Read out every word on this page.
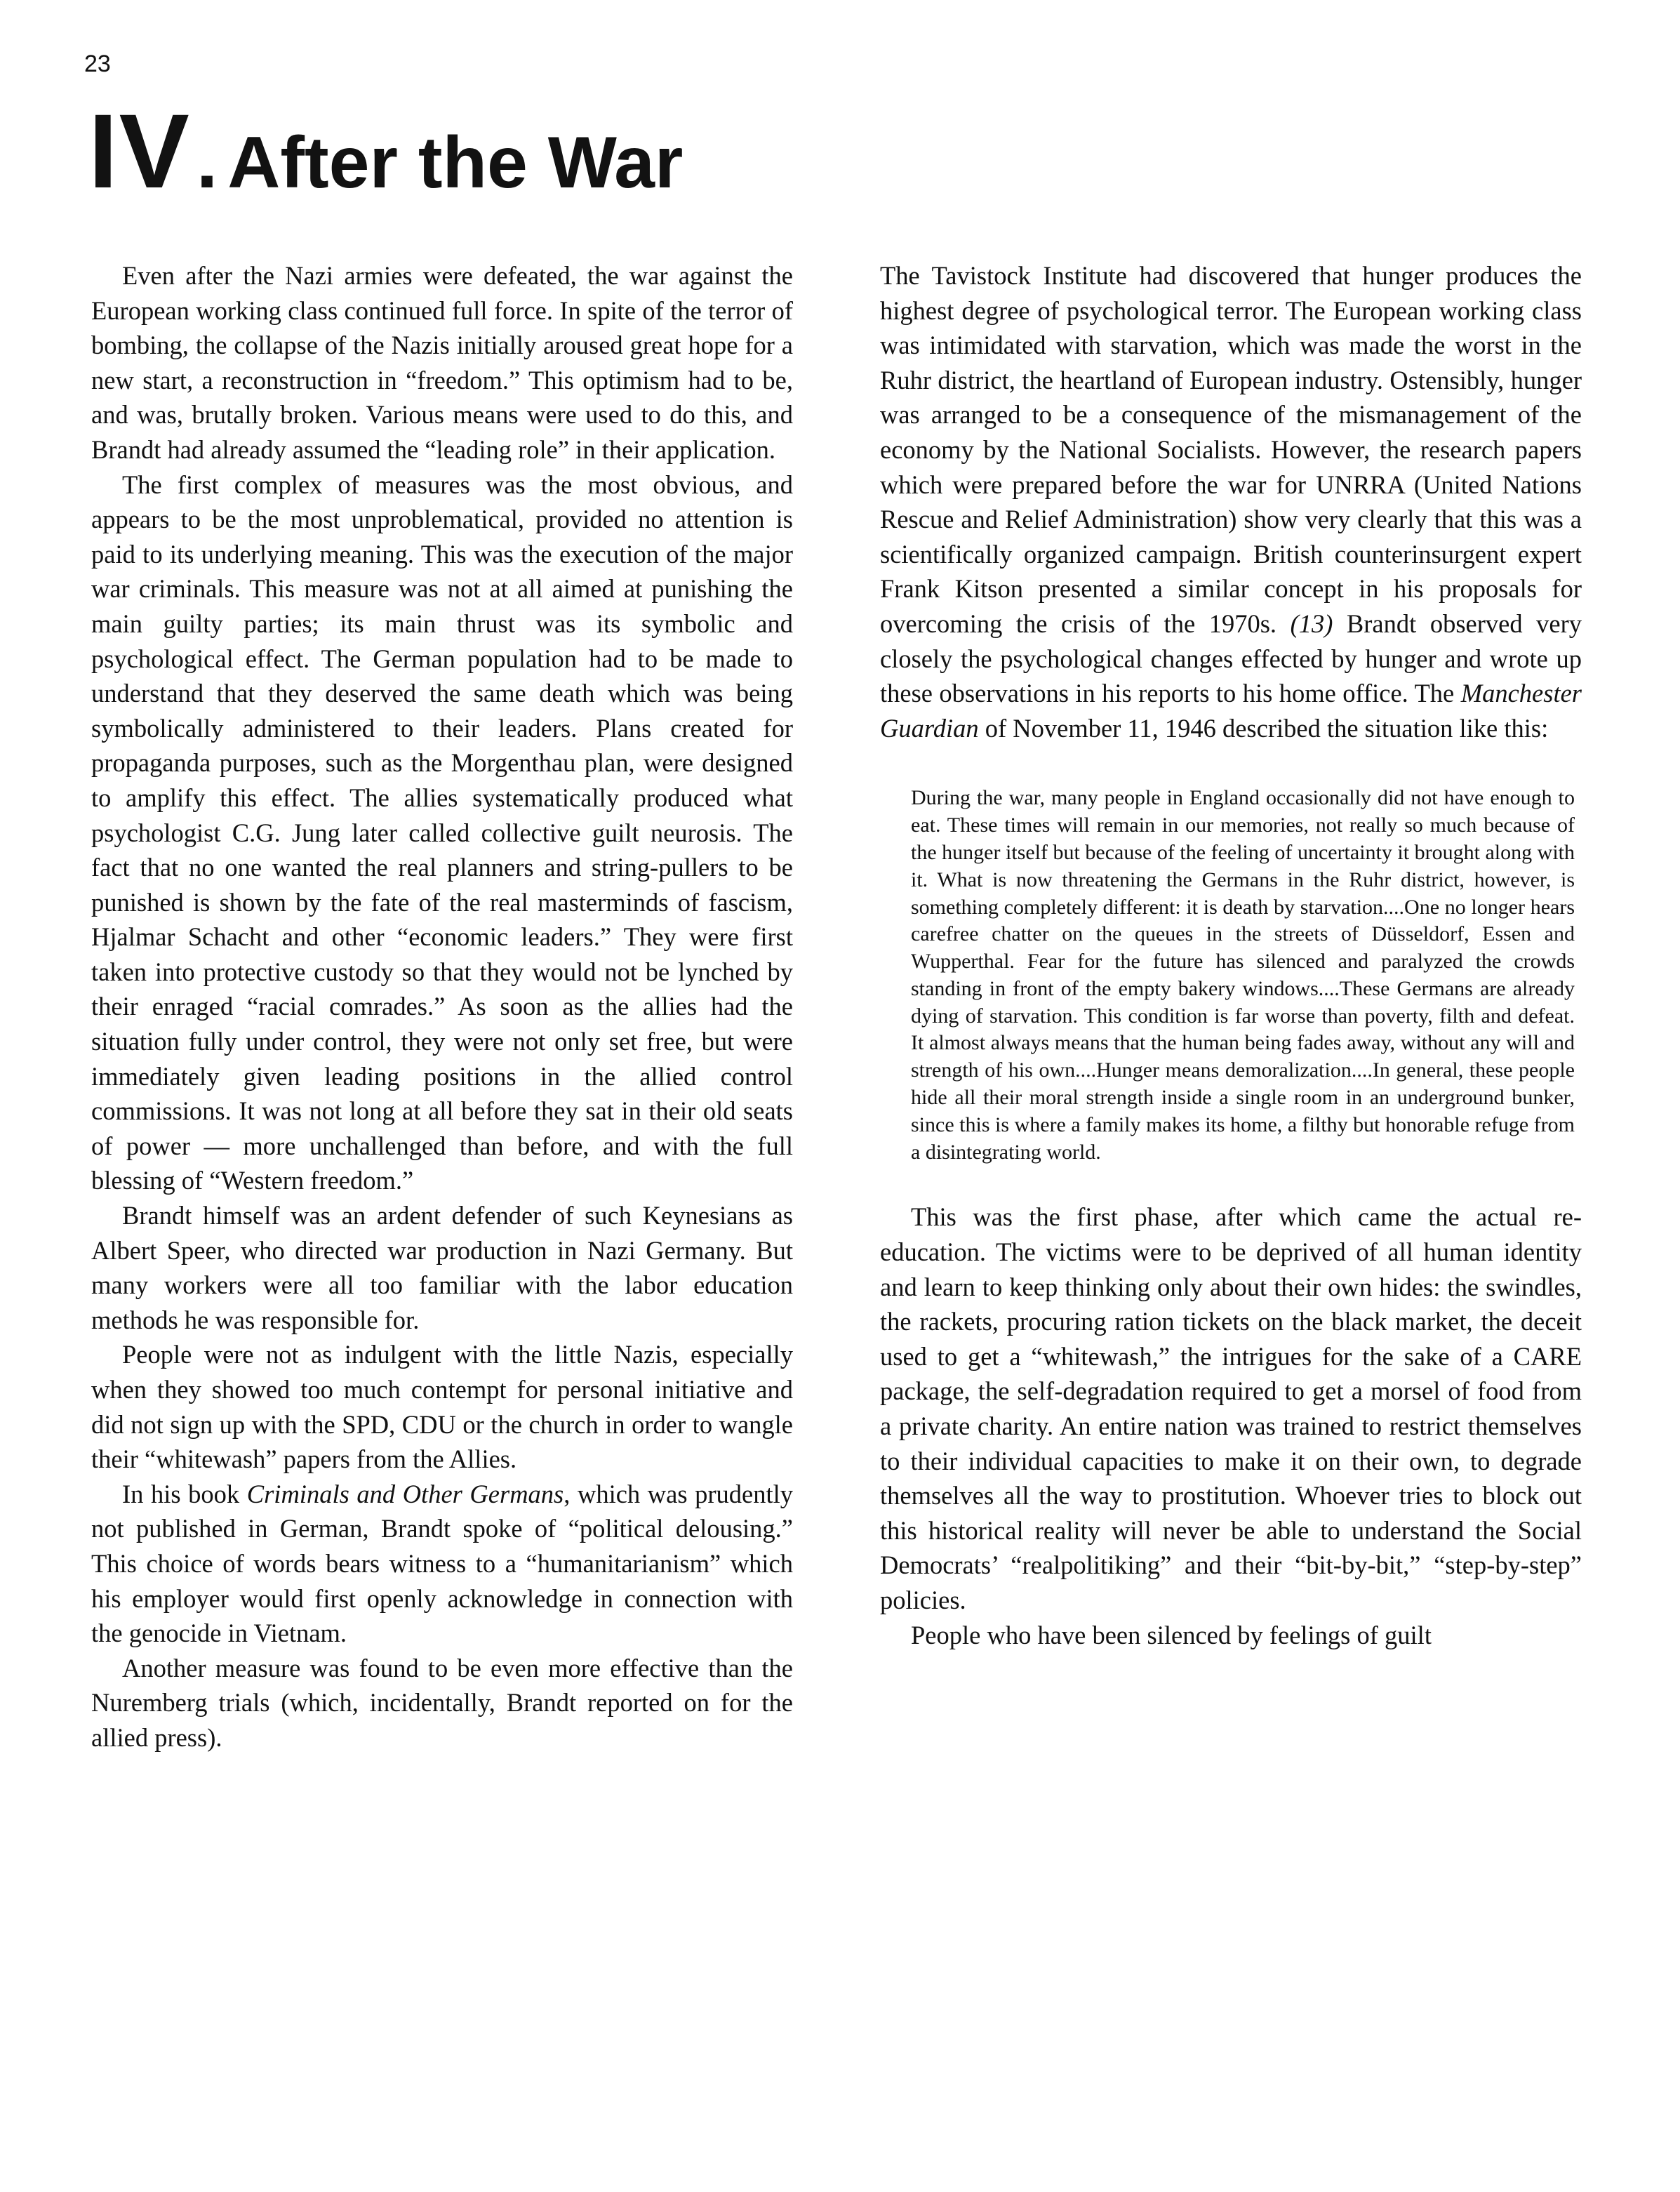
23
IV. After the War

Even after the Nazi armies were defeated, the war against the European working class continued full force. In spite of the terror of bombing, the collapse of the Nazis initially aroused great hope for a new start, a reconstruction in “freedom.” This optimism had to be, and was, brutally broken. Various means were used to do this, and Brandt had already assumed the “leading role” in their application.

The first complex of measures was the most obvious, and appears to be the most unproblematical, provided no attention is paid to its underlying meaning. This was the execution of the major war criminals. This measure was not at all aimed at punishing the main guilty parties; its main thrust was its symbolic and psychological effect. The German population had to be made to understand that they deserved the same death which was being symbolically administered to their leaders. Plans created for propaganda purposes, such as the Morgenthau plan, were designed to amplify this effect. The allies systematically produced what psychologist C.G. Jung later called collective guilt neurosis. The fact that no one wanted the real planners and string-pullers to be punished is shown by the fate of the real masterminds of fascism, Hjalmar Schacht and other “economic leaders.” They were first taken into protective custody so that they would not be lynched by their enraged “racial comrades.” As soon as the allies had the situation fully under control, they were not only set free, but were immediately given leading positions in the allied control commissions. It was not long at all before they sat in their old seats of power — more unchallenged than before, and with the full blessing of “Western freedom.”

Brandt himself was an ardent defender of such Keynesians as Albert Speer, who directed war production in Nazi Germany. But many workers were all too familiar with the labor education methods he was responsible for.

People were not as indulgent with the little Nazis, especially when they showed too much contempt for personal initiative and did not sign up with the SPD, CDU or the church in order to wangle their “whitewash” papers from the Allies.

In his book Criminals and Other Germans, which was prudently not published in German, Brandt spoke of “political delousing.” This choice of words bears witness to a “humanitarianism” which his employer would first openly acknowledge in connection with the genocide in Vietnam.

Another measure was found to be even more effective than the Nuremberg trials (which, incidentally, Brandt reported on for the allied press).

The Tavistock Institute had discovered that hunger produces the highest degree of psychological terror. The European working class was intimidated with starvation, which was made the worst in the Ruhr district, the heartland of European industry. Ostensibly, hunger was arranged to be a consequence of the mismanagement of the economy by the National Socialists. However, the research papers which were prepared before the war for UNRRA (United Nations Rescue and Relief Administration) show very clearly that this was a scientifically organized campaign. British counterinsurgent expert Frank Kitson presented a similar concept in his proposals for overcoming the crisis of the 1970s. (13) Brandt observed very closely the psychological changes effected by hunger and wrote up these observations in his reports to his home office. The Manchester Guardian of November 11, 1946 described the situation like this:

During the war, many people in England occasionally did not have enough to eat. These times will remain in our memories, not really so much because of the hunger itself but because of the feeling of uncertainty it brought along with it. What is now threatening the Germans in the Ruhr district, however, is something completely different: it is death by starvation....One no longer hears carefree chatter on the queues in the streets of Düsseldorf, Essen and Wupperthal. Fear for the future has silenced and paralyzed the crowds standing in front of the empty bakery windows....These Germans are already dying of starvation. This condition is far worse than poverty, filth and defeat. It almost always means that the human being fades away, without any will and strength of his own....Hunger means demoralization....In general, these people hide all their moral strength inside a single room in an underground bunker, since this is where a family makes its home, a filthy but honorable refuge from a disintegrating world.

This was the first phase, after which came the actual re-education. The victims were to be deprived of all human identity and learn to keep thinking only about their own hides: the swindles, the rackets, procuring ration tickets on the black market, the deceit used to get a “whitewash,” the intrigues for the sake of a CARE package, the self-degradation required to get a morsel of food from a private charity. An entire nation was trained to restrict themselves to their individual capacities to make it on their own, to degrade themselves all the way to prostitution. Whoever tries to block out this historical reality will never be able to understand the Social Democrats’ “realpolitiking” and their “bit-by-bit,” “step-by-step” policies.

People who have been silenced by feelings of guilt
